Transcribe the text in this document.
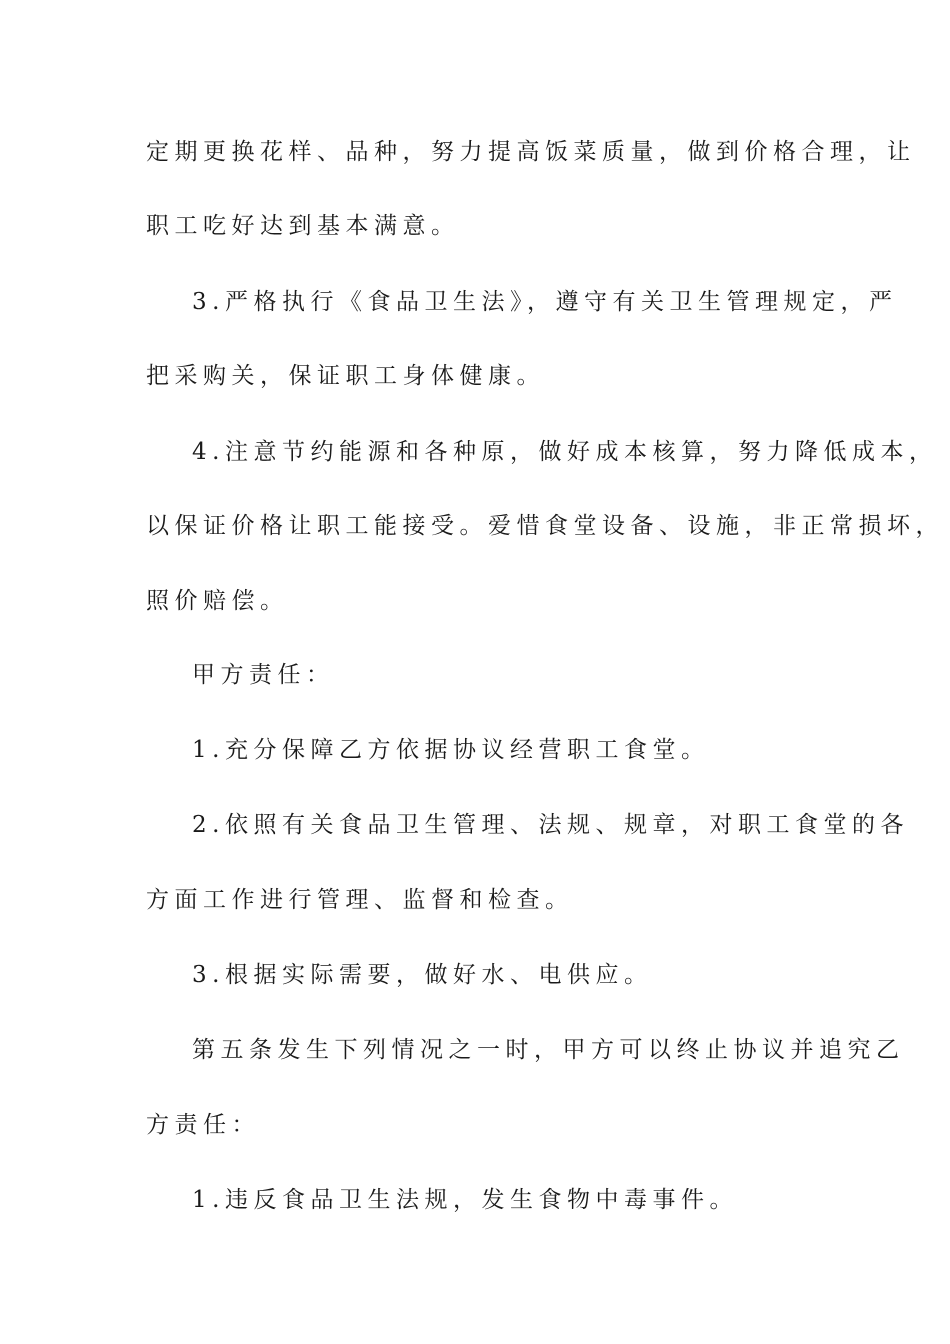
定期更换花样、品种，努力提高饭菜质量，做到价格合理，让
职工吃好达到基本满意。
3.严格执行《食品卫生法》，遵守有关卫生管理规定，严
把采购关，保证职工身体健康。
4.注意节约能源和各种原，做好成本核算，努力降低成本，
以保证价格让职工能接受。爱惜食堂设备、设施，非正常损坏，
照价赔偿。
甲方责任：
1.充分保障乙方依据协议经营职工食堂。
2.依照有关食品卫生管理、法规、规章，对职工食堂的各
方面工作进行管理、监督和检查。
3.根据实际需要，做好水、电供应。
第五条发生下列情况之一时，甲方可以终止协议并追究乙
方责任：
1.违反食品卫生法规，发生食物中毒事件。
